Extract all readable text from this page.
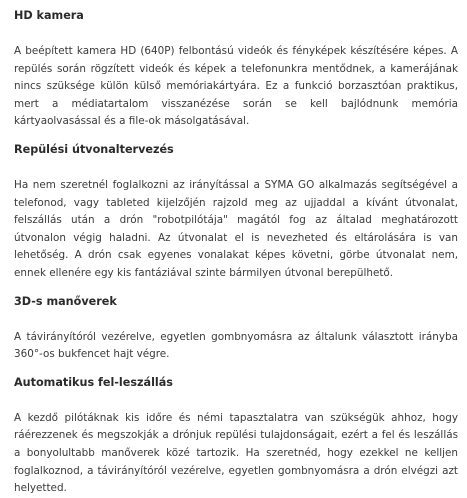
HD kamera
A beépített kamera HD (640P) felbontású videók és fényképek készítésére képes. A repülés során rögzített videók és képek a telefonunkra mentődnek, a kamerájának nincs szüksége külön külső memóriakártyára. Ez a funkció borzasztóan praktikus, mert a médiatartalom visszanézése során se kell bajlódnunk memória kártyaolvasással és a file-ok másolgatásával.
Repülési útvonaltervezés
Ha nem szeretnél foglalkozni az irányítással a SYMA GO alkalmazás segítségével a telefonod, vagy tableted kijelzőjén rajzold meg az ujjaddal a kívánt útvonalat, felszállás után a drón "robotpilótája" magától fog az általad meghatározott útvonalon végig haladni. Az útvonalat el is nevezheted és eltárolására is van lehetőség. A drón csak egyenes vonalakat képes követni, görbe útvonalat nem, ennek ellenére egy kis fantáziával szinte bármilyen útvonal berepülhető.
3D-s manőverek
A távirányítóról vezérelve, egyetlen gombnyomásra az általunk választott irányba 360°-os bukfencet hajt végre.
Automatikus fel-leszállás
A kezdő pilótáknak kis időre és némi tapasztalatra van szükségük ahhoz, hogy ráérezzenek és megszokják a drónjuk repülési tulajdonságait, ezért a fel és leszállás a bonyolultabb manőverek közé tartozik. Ha szeretnéd, hogy ezekkel ne kelljen foglalkoznod, a távirányítóról vezérelve, egyetlen gombnyomásra a drón elvégzi azt helyetted.
